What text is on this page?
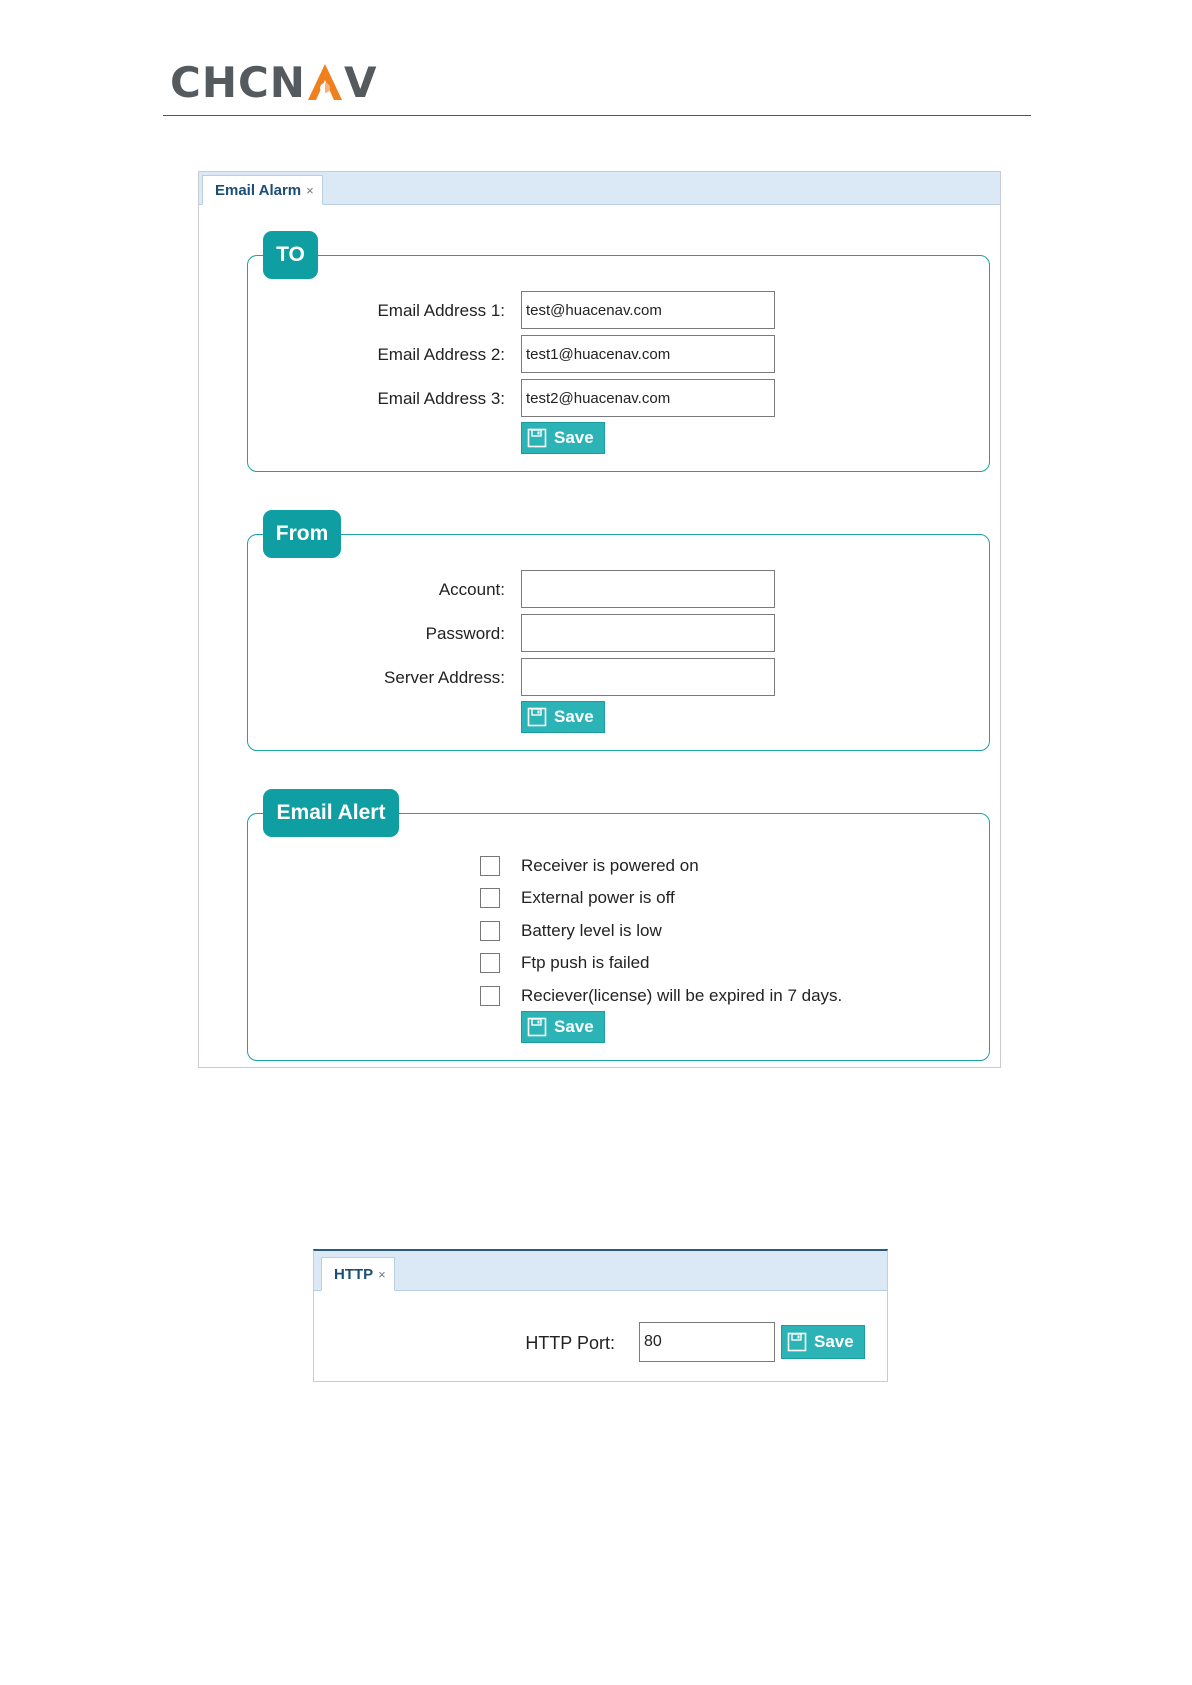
CHCN V
Email Alarm ×
TO
Email Address 1:
test@huacenav.com
Email Address 2:
test1@huacenav.com
Email Address 3:
test2@huacenav.com
Save
From
Account:
Password:
Server Address:
Save
Email Alert
Receiver is powered on
External power is off
Battery level is low
Ftp push is failed
Reciever(license) will be expired in 7 days.
Save
HTTP ×
HTTP Port:
80	Save
